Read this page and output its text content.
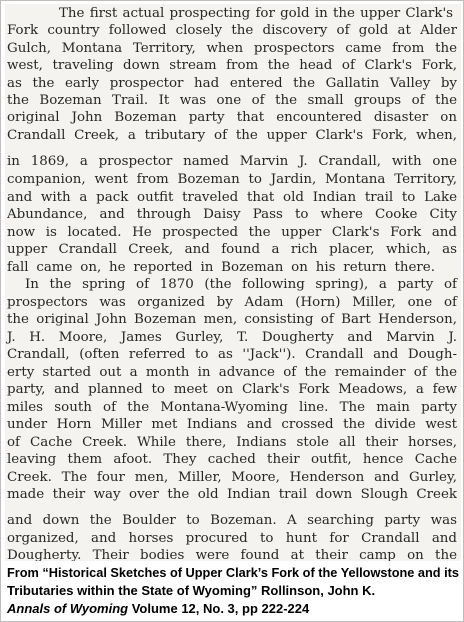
The first actual prospecting for gold in the upper Clark's

Fork country followed closely the discovery of gold at Alder

Gulch, Montana Territory, when prospectors came from the

west, traveling down stream from the head of Clark's Fork,

as the early prospector had entered the Gallatin Valley by

the Bozeman Trail. It was one of the small groups of the

original John Bozeman party that encountered disaster on

Crandall Creek, a tributary of the upper Clark's Fork, when,

in 1869, a prospector named Marvin J. Crandall, with one

companion, went from Bozeman to Jardin, Montana Territory,

and with a pack outfit traveled that old Indian trail to Lake

Abundance, and through Daisy Pass to where Cooke City

now is located. He prospected the upper Clark's Fork and

upper Crandall Creek, and found a rich placer, which, as

fall came on, he reported in Bozeman on his return there.

In the spring of 1870 (the following spring), a party of

prospectors was organized by Adam (Horn) Miller, one of

the original John Bozeman men, consisting of Bart Henderson,

J. H. Moore, James Gurley, T. Dougherty and Marvin J.

Crandall, (often referred to as ''Jack''). Crandall and Dough-

erty started out a month in advance of the remainder of the

party, and planned to meet on Clark's Fork Meadows, a few

miles south of the Montana-Wyoming line. The main party

under Horn Miller met Indians and crossed the divide west

of Cache Creek. While there, Indians stole all their horses,

leaving them afoot. They cached their outfit, hence Cache

Creek. The four men, Miller, Moore, Henderson and Gurley,

made their way over the old Indian trail down Slough Creek

and down the Boulder to Bozeman. A searching party was

organized, and horses procured to hunt for Crandall and

Dougherty. Their bodies were found at their camp on the

From “Historical Sketches of Upper Clark’s Fork of the Yellowstone and its
Tributaries within the State of Wyoming” Rollinson, John K.
Annals of Wyoming Volume 12, No. 3, pp 222-224
